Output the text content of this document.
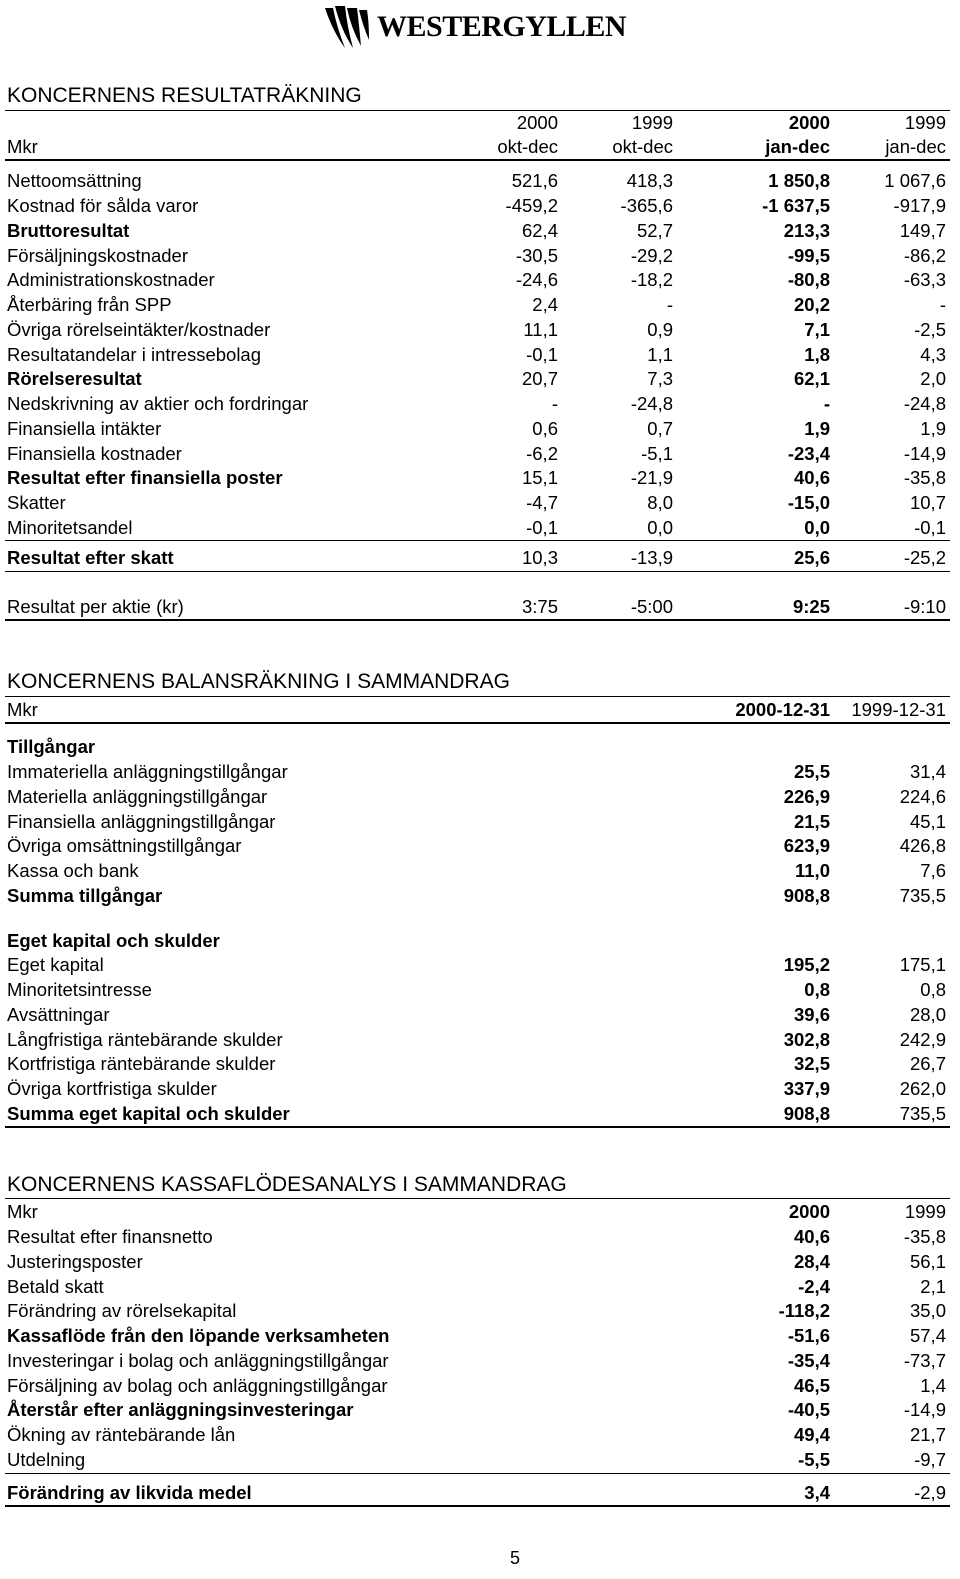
WESTERGYLLEN
KONCERNENS RESULTATRÄKNING
2000	1999	2000	1999
Mkr	okt-dec	okt-dec	jan-dec	jan-dec
Nettoomsättning	521,6	418,3	1 850,8	1 067,6
Kostnad för sålda varor	-459,2	-365,6	-1 637,5	-917,9
Bruttoresultat	62,4	52,7	213,3	149,7
Försäljningskostnader	-30,5	-29,2	-99,5	-86,2
Administrationskostnader	-24,6	-18,2	-80,8	-63,3
Återbäring från SPP	2,4	-	20,2	-
Övriga rörelseintäkter/kostnader	11,1	0,9	7,1	-2,5
Resultatandelar i intressebolag	-0,1	1,1	1,8	4,3
Rörelseresultat	20,7	7,3	62,1	2,0
Nedskrivning av aktier och fordringar	-	-24,8	-	-24,8
Finansiella intäkter	0,6	0,7	1,9	1,9
Finansiella kostnader	-6,2	-5,1	-23,4	-14,9
Resultat efter finansiella poster	15,1	-21,9	40,6	-35,8
Skatter	-4,7	8,0	-15,0	10,7
Minoritetsandel	-0,1	0,0	0,0	-0,1
Resultat efter skatt	10,3	-13,9	25,6	-25,2
Resultat per aktie (kr)	3:75	-5:00	9:25	-9:10
KONCERNENS BALANSRÄKNING I SAMMANDRAG
Mkr	2000-12-31	1999-12-31
Tillgångar
Immateriella anläggningstillgångar	25,5	31,4
Materiella anläggningstillgångar	226,9	224,6
Finansiella anläggningstillgångar	21,5	45,1
Övriga omsättningstillgångar	623,9	426,8
Kassa och bank	11,0	7,6
Summa tillgångar	908,8	735,5
Eget kapital och skulder
Eget kapital	195,2	175,1
Minoritetsintresse	0,8	0,8
Avsättningar	39,6	28,0
Långfristiga räntebärande skulder	302,8	242,9
Kortfristiga räntebärande skulder	32,5	26,7
Övriga kortfristiga skulder	337,9	262,0
Summa eget kapital och skulder	908,8	735,5
KONCERNENS KASSAFLÖDESANALYS I SAMMANDRAG
Mkr	2000	1999
Resultat efter finansnetto	40,6	-35,8
Justeringsposter	28,4	56,1
Betald skatt	-2,4	2,1
Förändring av rörelsekapital	-118,2	35,0
Kassaflöde från den löpande verksamheten	-51,6	57,4
Investeringar i bolag och anläggningstillgångar	-35,4	-73,7
Försäljning av bolag och anläggningstillgångar	46,5	1,4
Återstår efter anläggningsinvesteringar	-40,5	-14,9
Ökning av räntebärande lån	49,4	21,7
Utdelning	-5,5	-9,7
Förändring av likvida medel	3,4	-2,9
5
